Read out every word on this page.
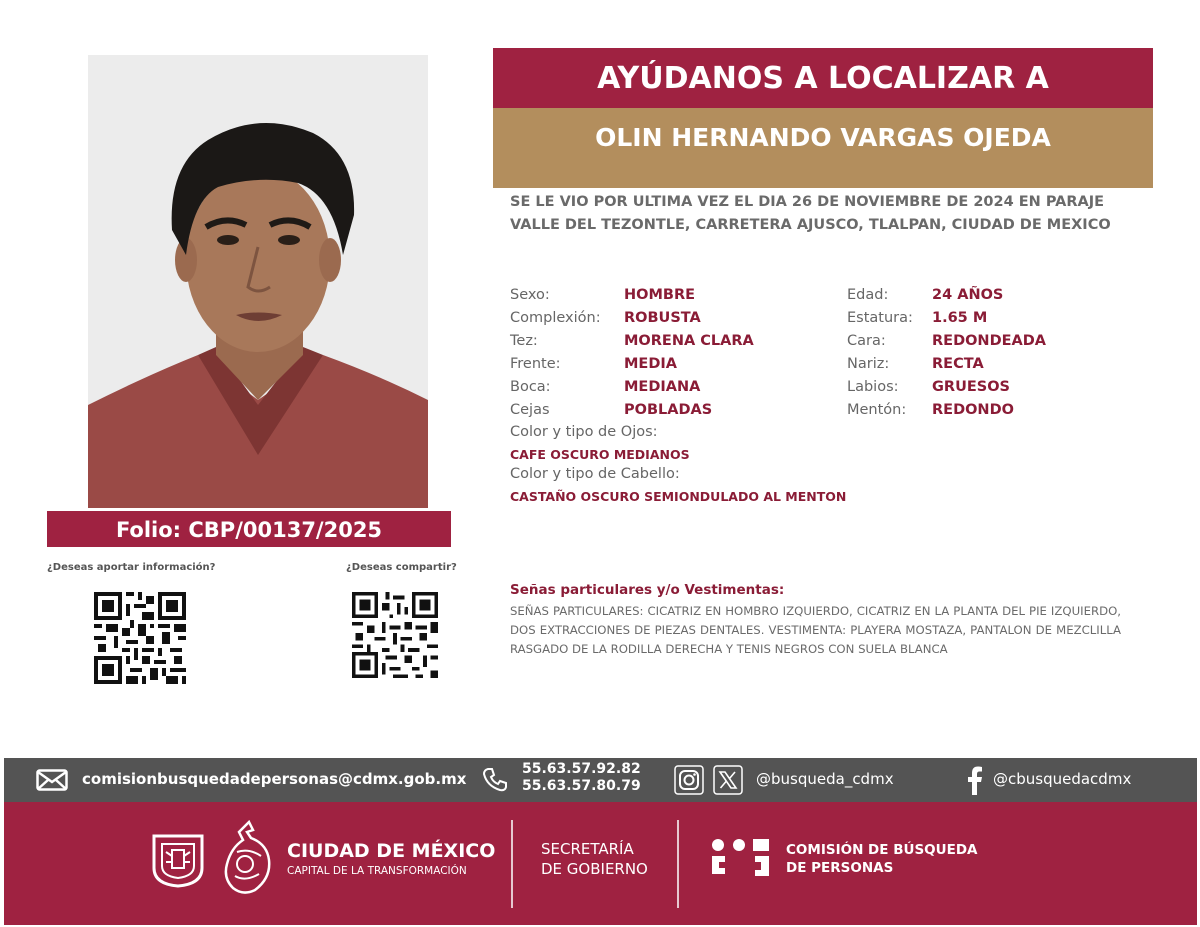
Folio: CBP/00137/2025
¿Deseas aportar información?	¿Deseas compartir?
AYÚDANOS A LOCALIZAR A
OLIN HERNANDO VARGAS OJEDA
SE LE VIO POR ULTIMA VEZ EL DIA 26 DE NOVIEMBRE DE 2024 EN PARAJE VALLE DEL TEZONTLE, CARRETERA AJUSCO, TLALPAN, CIUDAD DE MEXICO
Sexo:	HOMBRE
Complexión: ROBUSTA
Tez:	MORENA CLARA
Frente:	MEDIA
Boca:	MEDIANA
Cejas	POBLADAS
Edad:	24 AÑOS
Estatura: 1.65 M
Cara:	REDONDEADA
Nariz:	RECTA
Labios: GRUESOS
Mentón: REDONDO
Color y tipo de Ojos:
CAFE OSCURO MEDIANOS
Color y tipo de Cabello:
CASTAÑO OSCURO SEMIONDULADO AL MENTON
Señas particulares y/o Vestimentas:
SEÑAS PARTICULARES: CICATRIZ EN HOMBRO IZQUIERDO, CICATRIZ EN LA PLANTA DEL PIE IZQUIERDO, DOS EXTRACCIONES DE PIEZAS DENTALES. VESTIMENTA: PLAYERA MOSTAZA, PANTALON DE MEZCLILLA RASGADO DE LA RODILLA DERECHA Y TENIS NEGROS CON SUELA BLANCA
comisionbusquedadepersonas@cdmx.gob.mx
55.63.57.92.82
55.63.57.80.79	@busqueda_cdmx	@cbusquedacdmx
CIUDAD DE MÉXICO
CAPITAL DE LA TRANSFORMACIÓN
SECRETARÍA
DE GOBIERNO
COMISIÓN DE BÚSQUEDA
DE PERSONAS
